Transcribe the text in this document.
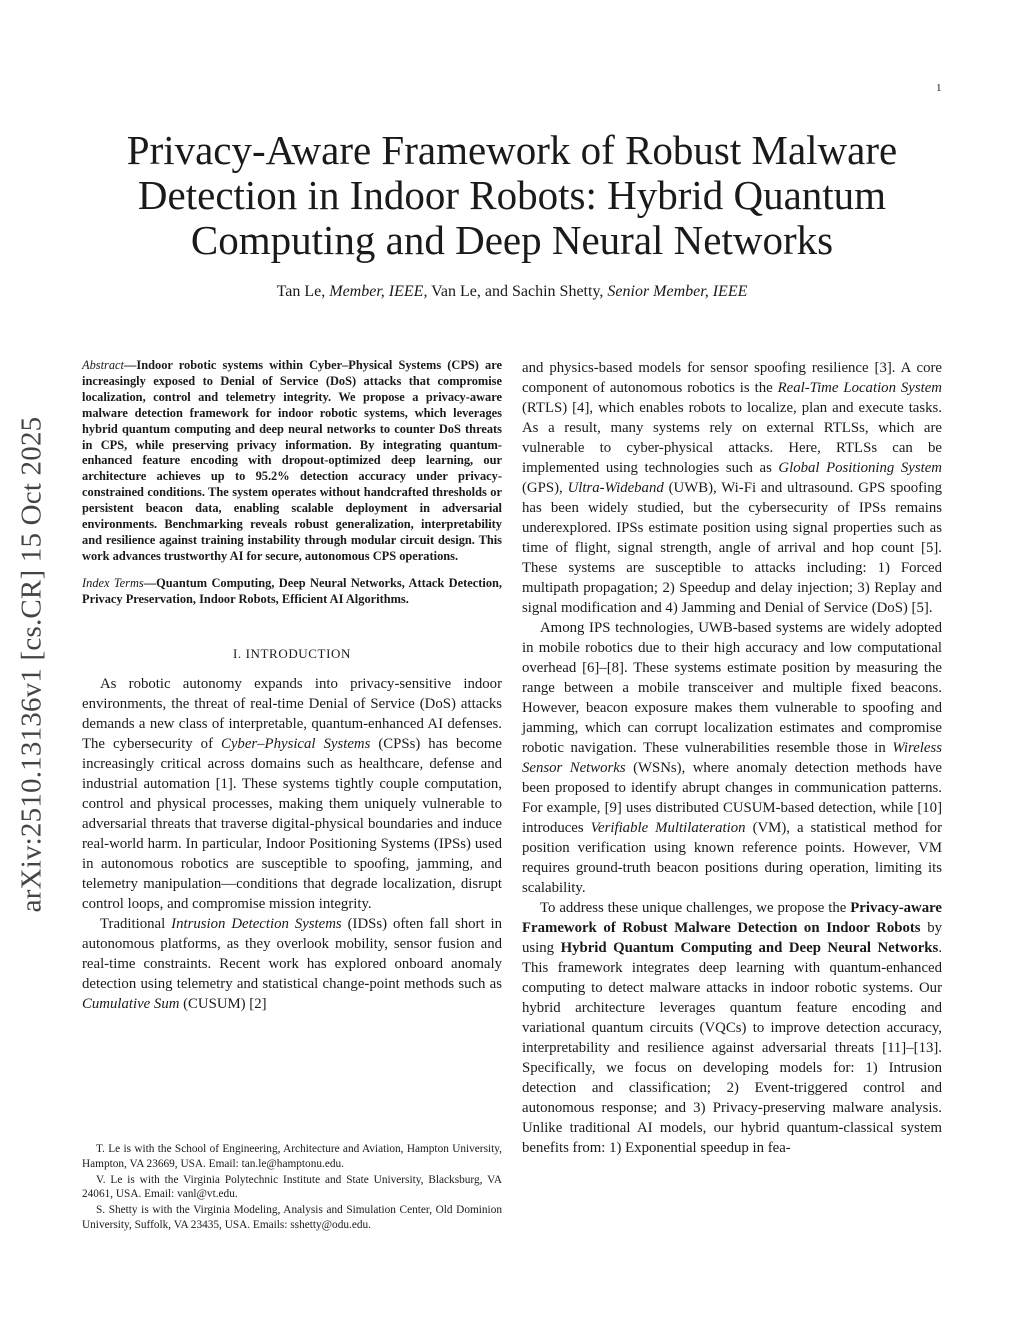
1
arXiv:2510.13136v1 [cs.CR] 15 Oct 2025
Privacy-Aware Framework of Robust Malware Detection in Indoor Robots: Hybrid Quantum Computing and Deep Neural Networks
Tan Le, Member, IEEE, Van Le, and Sachin Shetty, Senior Member, IEEE

Abstract—Indoor robotic systems within Cyber–Physical Systems (CPS) are increasingly exposed to Denial of Service (DoS) attacks that compromise localization, control and telemetry integrity. We propose a privacy-aware malware detection framework for indoor robotic systems, which leverages hybrid quantum computing and deep neural networks to counter DoS threats in CPS, while preserving privacy information. By integrating quantum-enhanced feature encoding with dropout-optimized deep learning, our architecture achieves up to 95.2% detection accuracy under privacy-constrained conditions. The system operates without handcrafted thresholds or persistent beacon data, enabling scalable deployment in adversarial environments. Benchmarking reveals robust generalization, interpretability and resilience against training instability through modular circuit design. This work advances trustworthy AI for secure, autonomous CPS operations.

Index Terms—Quantum Computing, Deep Neural Networks, Attack Detection, Privacy Preservation, Indoor Robots, Efficient AI Algorithms.

I. INTRODUCTION

As robotic autonomy expands into privacy-sensitive indoor environments, the threat of real-time Denial of Service (DoS) attacks demands a new class of interpretable, quantum-enhanced AI defenses. The cybersecurity of Cyber–Physical Systems (CPSs) has become increasingly critical across domains such as healthcare, defense and industrial automation [1]. These systems tightly couple computation, control and physical processes, making them uniquely vulnerable to adversarial threats that traverse digital-physical boundaries and induce real-world harm. In particular, Indoor Positioning Systems (IPSs) used in autonomous robotics are susceptible to spoofing, jamming, and telemetry manipulation—conditions that degrade localization, disrupt control loops, and compromise mission integrity.

Traditional Intrusion Detection Systems (IDSs) often fall short in autonomous platforms, as they overlook mobility, sensor fusion and real-time constraints. Recent work has explored onboard anomaly detection using telemetry and statistical change-point methods such as Cumulative Sum (CUSUM) [2]

T. Le is with the School of Engineering, Architecture and Aviation, Hampton University, Hampton, VA 23669, USA. Email: tan.le@hamptonu.edu.

V. Le is with the Virginia Polytechnic Institute and State University, Blacksburg, VA 24061, USA. Email: vanl@vt.edu.

S. Shetty is with the Virginia Modeling, Analysis and Simulation Center, Old Dominion University, Suffolk, VA 23435, USA. Emails: sshetty@odu.edu.

and physics-based models for sensor spoofing resilience [3]. A core component of autonomous robotics is the Real-Time Location System (RTLS) [4], which enables robots to localize, plan and execute tasks. As a result, many systems rely on external RTLSs, which are vulnerable to cyber-physical attacks. Here, RTLSs can be implemented using technologies such as Global Positioning System (GPS), Ultra-Wideband (UWB), Wi-Fi and ultrasound. GPS spoofing has been widely studied, but the cybersecurity of IPSs remains underexplored. IPSs estimate position using signal properties such as time of flight, signal strength, angle of arrival and hop count [5]. These systems are susceptible to attacks including: 1) Forced multipath propagation; 2) Speedup and delay injection; 3) Replay and signal modification and 4) Jamming and Denial of Service (DoS) [5].

Among IPS technologies, UWB-based systems are widely adopted in mobile robotics due to their high accuracy and low computational overhead [6]–[8]. These systems estimate position by measuring the range between a mobile transceiver and multiple fixed beacons. However, beacon exposure makes them vulnerable to spoofing and jamming, which can corrupt localization estimates and compromise robotic navigation. These vulnerabilities resemble those in Wireless Sensor Networks (WSNs), where anomaly detection methods have been proposed to identify abrupt changes in communication patterns. For example, [9] uses distributed CUSUM-based detection, while [10] introduces Verifiable Multilateration (VM), a statistical method for position verification using known reference points. However, VM requires ground-truth beacon positions during operation, limiting its scalability.

To address these unique challenges, we propose the Privacy-aware Framework of Robust Malware Detection on Indoor Robots by using Hybrid Quantum Computing and Deep Neural Networks. This framework integrates deep learning with quantum-enhanced computing to detect malware attacks in indoor robotic systems. Our hybrid architecture leverages quantum feature encoding and variational quantum circuits (VQCs) to improve detection accuracy, interpretability and resilience against adversarial threats [11]–[13]. Specifically, we focus on developing models for: 1) Intrusion detection and classification; 2) Event-triggered control and autonomous response; and 3) Privacy-preserving malware analysis. Unlike traditional AI models, our hybrid quantum-classical system benefits from: 1) Exponential speedup in fea-
